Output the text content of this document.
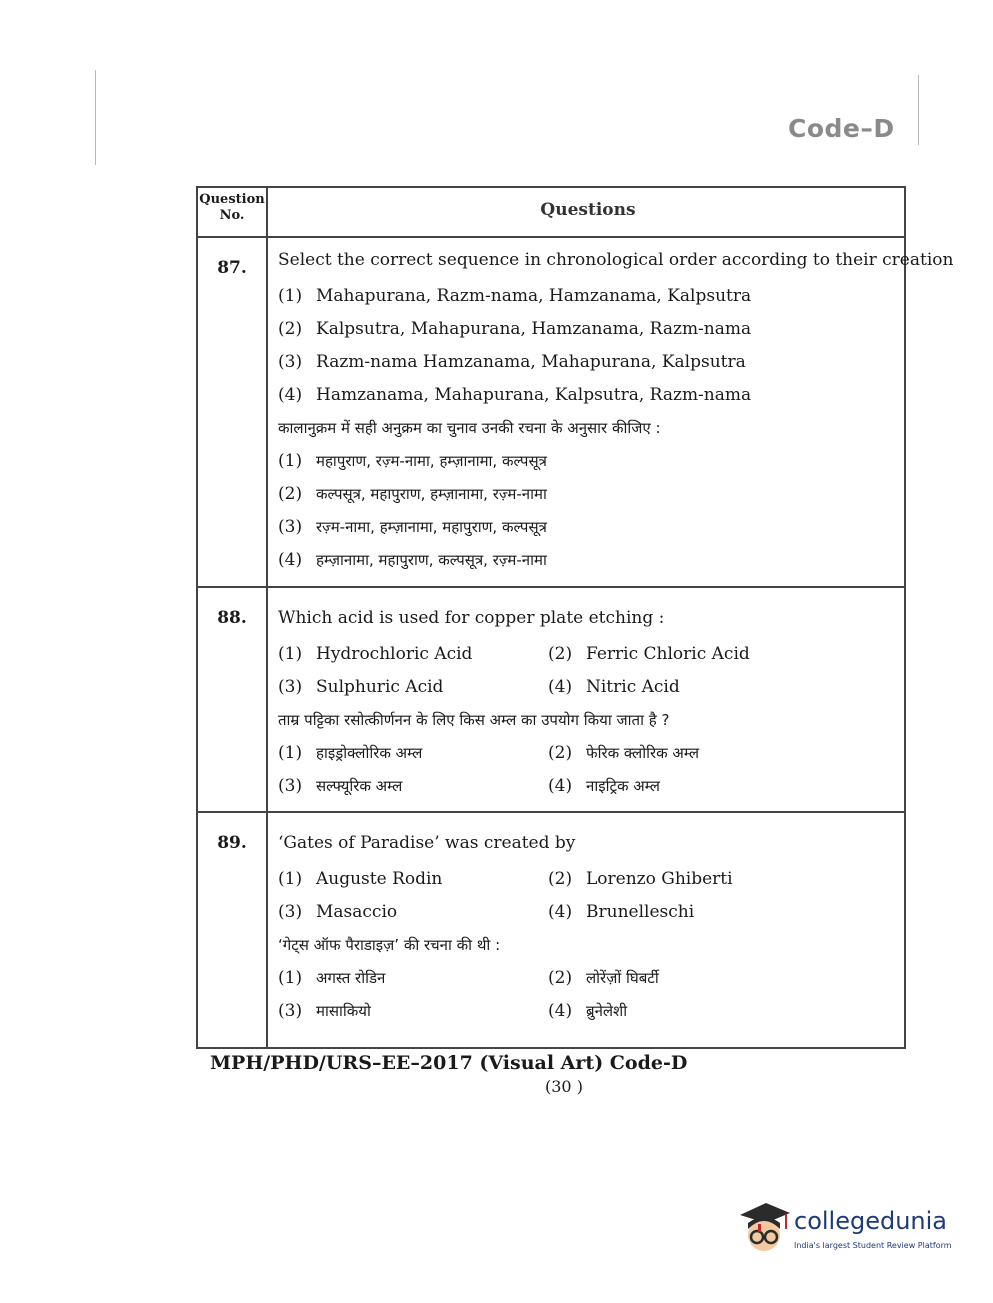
Code–D
Question No.	Questions
87.	Select the correct sequence in chronological order according to their creation
(1) Mahapurana, Razm-nama, Hamzanama, Kalpsutra
(2) Kalpsutra, Mahapurana, Hamzanama, Razm-nama
(3) Razm-nama Hamzanama, Mahapurana, Kalpsutra
(4) Hamzanama, Mahapurana, Kalpsutra, Razm-nama
कालानुक्रम में सही अनुक्रम का चुनाव उनकी रचना के अनुसार कीजिए :
(1) महापुराण, रज़्म-नामा, हम्ज़ानामा, कल्पसूत्र
(2) कल्पसूत्र, महापुराण, हम्ज़ानामा, रज़्म-नामा
(3) रज़्म-नामा, हम्ज़ानामा, महापुराण, कल्पसूत्र
(4) हम्ज़ानामा, महापुराण, कल्पसूत्र, रज़्म-नामा
88.	Which acid is used for copper plate etching :
(1) Hydrochloric Acid	(2) Ferric Chloric Acid
(3) Sulphuric Acid	(4) Nitric Acid
ताम्र पट्टिका रसोत्कीर्णनन के लिए किस अम्ल का उपयोग किया जाता है ?
(1) हाइड्रोक्लोरिक अम्ल	(2) फेरिक क्लोरिक अम्ल
(3) सल्फ्यूरिक अम्ल	(4) नाइट्रिक अम्ल
89.	‘Gates of Paradise’ was created by
(1) Auguste Rodin	(2) Lorenzo Ghiberti
(3) Masaccio	(4) Brunelleschi
‘गेट्स ऑफ पैराडाइज़’ की रचना की थी :
(1) अगस्त रोडिन	(2) लोरेंज़ों घिबर्टी
(3) मासाकियो	(4) ब्रुनेलेशी
MPH/PHD/URS–EE–2017 (Visual Art) Code-D
(30 )
collegedunia
India's largest Student Review Platform
